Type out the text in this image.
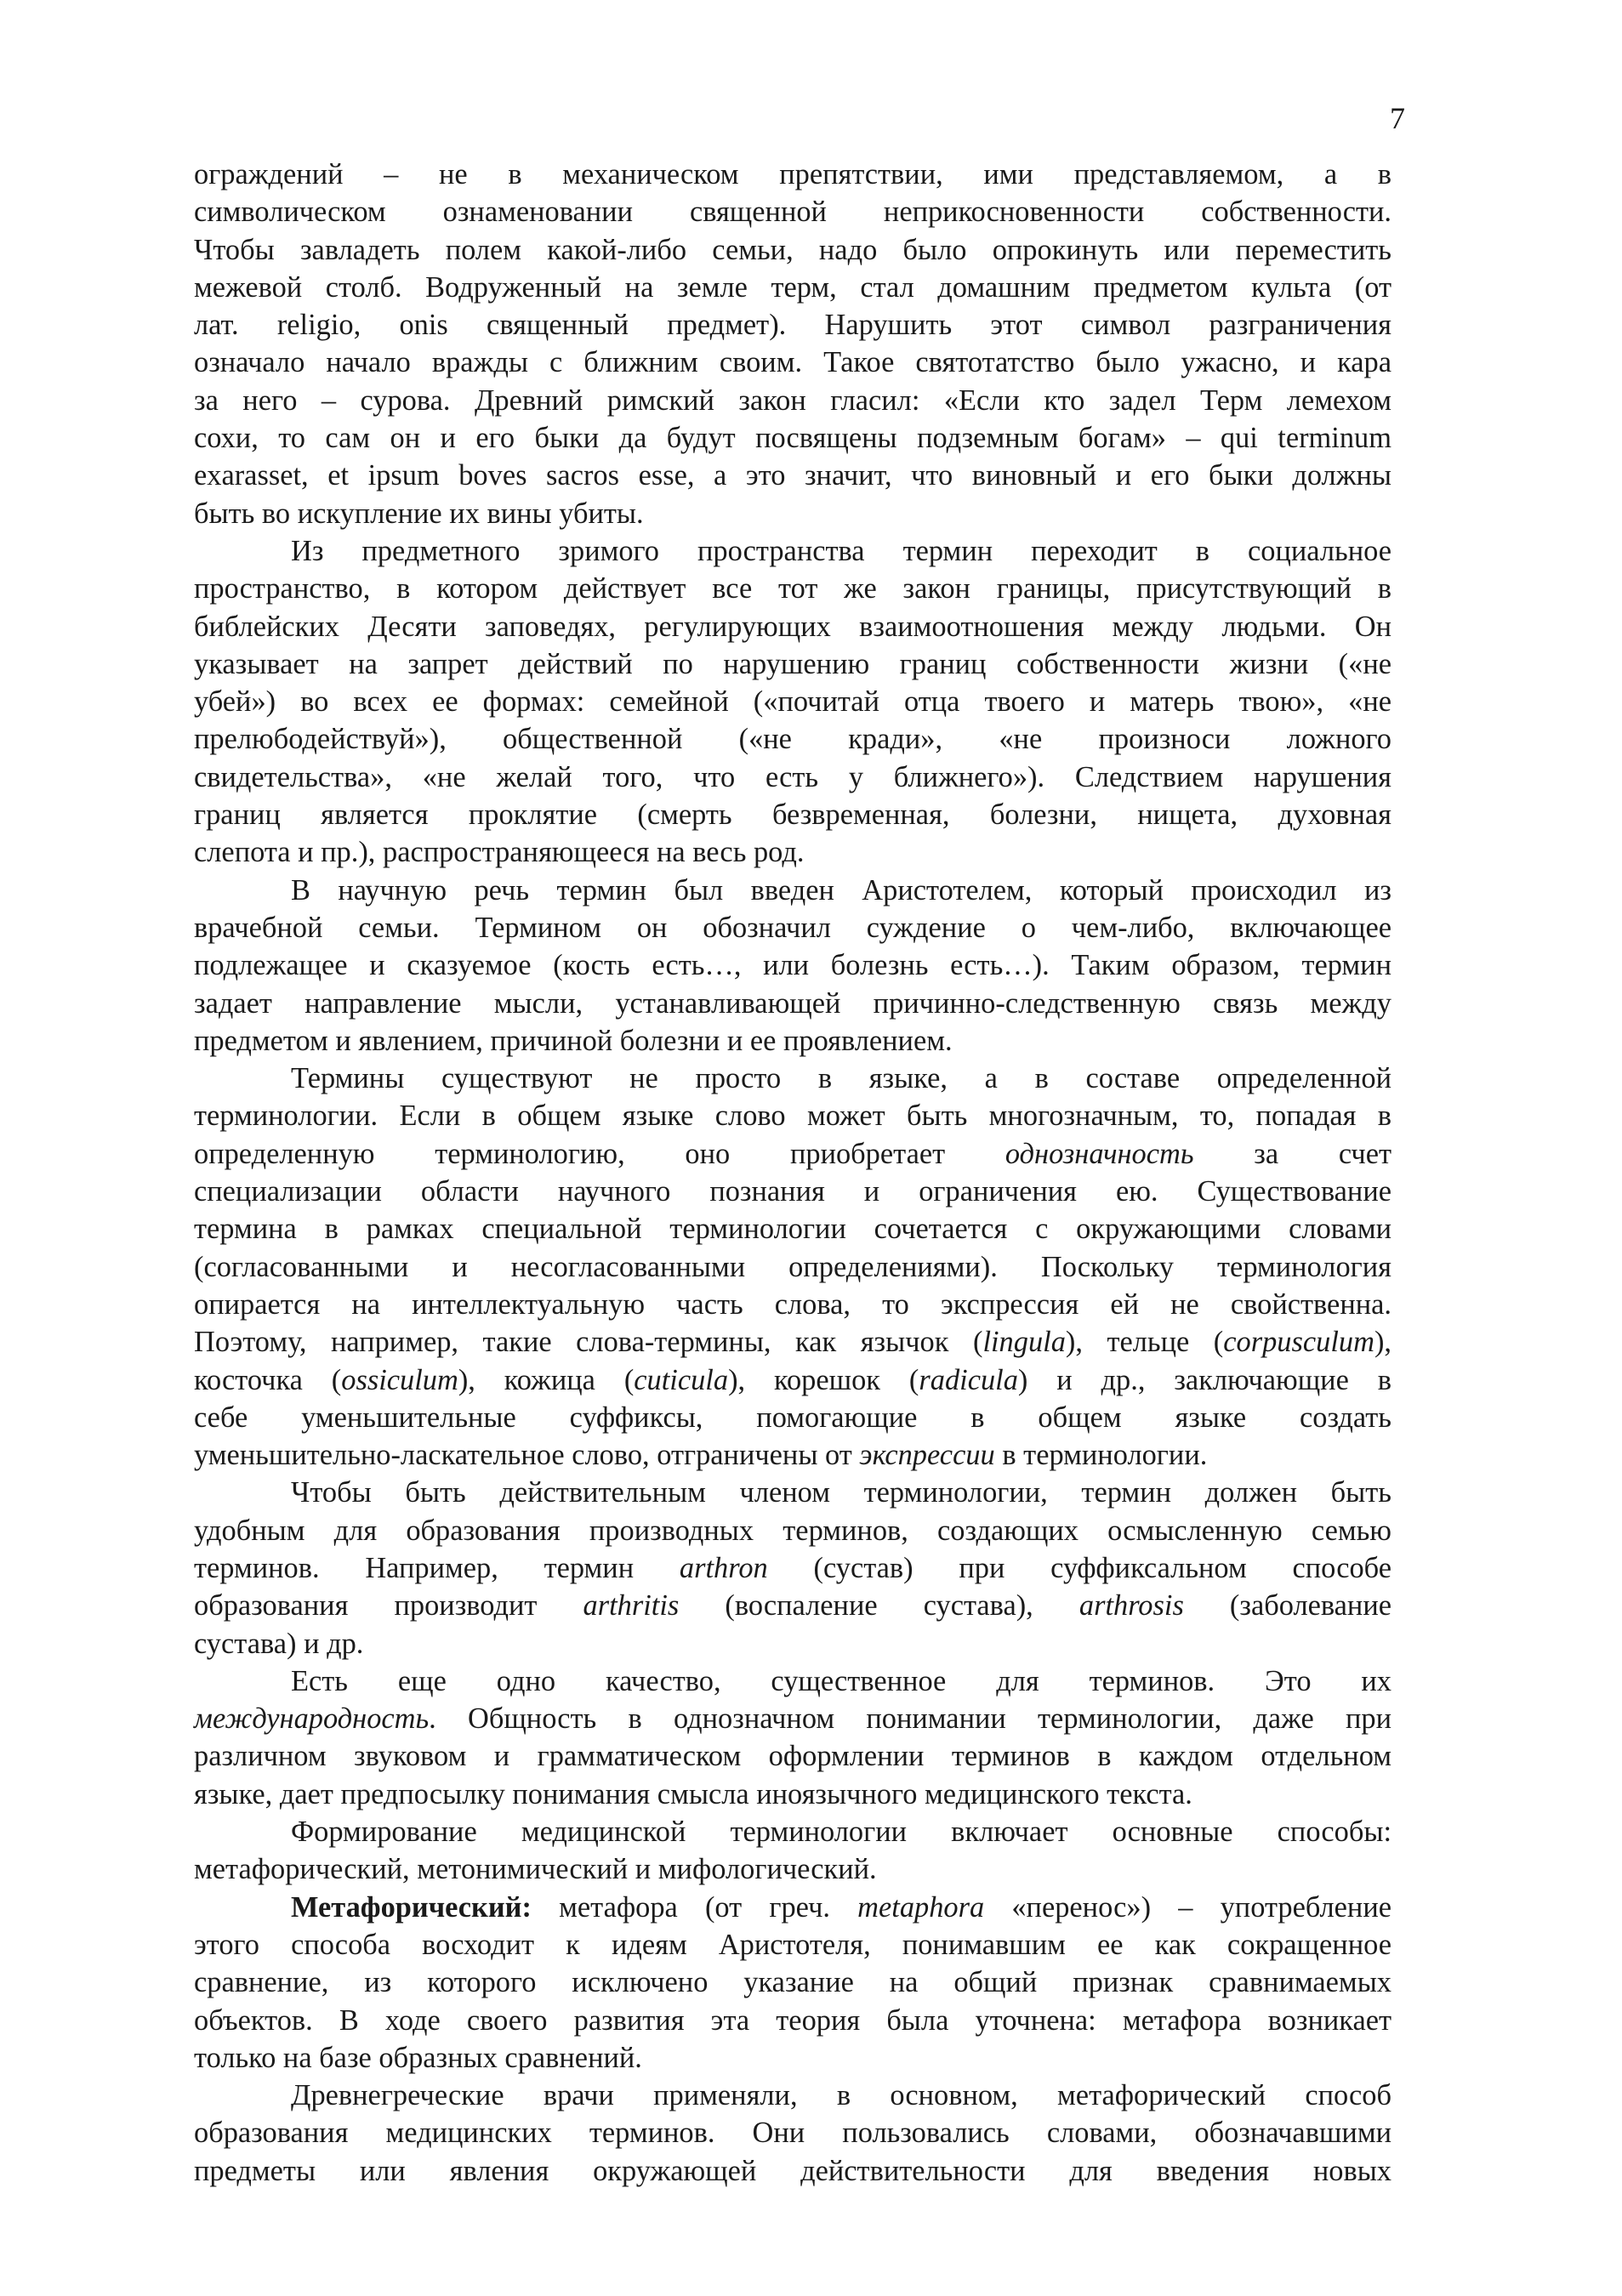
7
ограждений – не в механическом препятствии, ими представляемом, а в
символическом ознаменовании священной неприкосновенности собственности.
Чтобы завладеть полем какой-либо семьи, надо было опрокинуть или переместить
межевой столб. Водруженный на земле терм, стал домашним предметом культа (от
лат. religio, onis священный предмет). Нарушить этот символ разграничения
означало начало вражды с ближним своим. Такое святотатство было ужасно, и кара
за него – сурова. Древний римский закон гласил: «Если кто задел Терм лемехом
сохи, то сам он и его быки да будут посвящены подземным богам» – qui terminum
exarasset, et ipsum boves sacros esse, а это значит, что виновный и его быки должны
быть во искупление их вины убиты.
Из предметного зримого пространства термин переходит в социальное
пространство, в котором действует все тот же закон границы, присутствующий в
библейских Десяти заповедях, регулирующих взаимоотношения между людьми. Он
указывает на запрет действий по нарушению границ собственности жизни («не
убей») во всех ее формах: семейной («почитай отца твоего и матерь твою», «не
прелюбодействуй»), общественной («не кради», «не произноси ложного
свидетельства», «не желай того, что есть у ближнего»). Следствием нарушения
границ является проклятие (смерть безвременная, болезни, нищета, духовная
слепота и пр.), распространяющееся на весь род.
В научную речь термин был введен Аристотелем, который происходил из
врачебной семьи. Термином он обозначил суждение о чем-либо, включающее
подлежащее и сказуемое (кость есть…, или болезнь есть…). Таким образом, термин
задает направление мысли, устанавливающей причинно-следственную связь между
предметом и явлением, причиной болезни и ее проявлением.
Термины существуют не просто в языке, а в составе определенной
терминологии. Если в общем языке слово может быть многозначным, то, попадая в
определенную терминологию, оно приобретает однозначность за счет
специализации области научного познания и ограничения ею. Существование
термина в рамках специальной терминологии сочетается с окружающими словами
(согласованными и несогласованными определениями). Поскольку терминология
опирается на интеллектуальную часть слова, то экспрессия ей не свойственна.
Поэтому, например, такие слова-термины, как язычок (lingula), тельце (corpusculum),
косточка (ossiculum), кожица (cuticula), корешок (radicula) и др., заключающие в
себе уменьшительные суффиксы, помогающие в общем языке создать
уменьшительно-ласкательное слово, отграничены от экспрессии в терминологии.
Чтобы быть действительным членом терминологии, термин должен быть
удобным для образования производных терминов, создающих осмысленную семью
терминов. Например, термин arthron (сустав) при суффиксальном способе
образования производит arthritis (воспаление сустава), arthrosis (заболевание
сустава) и др.
Есть еще одно качество, существенное для терминов. Это их
международность. Общность в однозначном понимании терминологии, даже при
различном звуковом и грамматическом оформлении терминов в каждом отдельном
языке, дает предпосылку понимания смысла иноязычного медицинского текста.
Формирование медицинской терминологии включает основные способы:
метафорический, метонимический и мифологический.
Метафорический: метафора (от греч. metaphora «перенос») – употребление
этого способа восходит к идеям Аристотеля, понимавшим ее как сокращенное
сравнение, из которого исключено указание на общий признак сравнимаемых
объектов. В ходе своего развития эта теория была уточнена: метафора возникает
только на базе образных сравнений.
Древнегреческие врачи применяли, в основном, метафорический способ
образования медицинских терминов. Они пользовались словами, обозначавшими
предметы или явления окружающей действительности для введения новых
